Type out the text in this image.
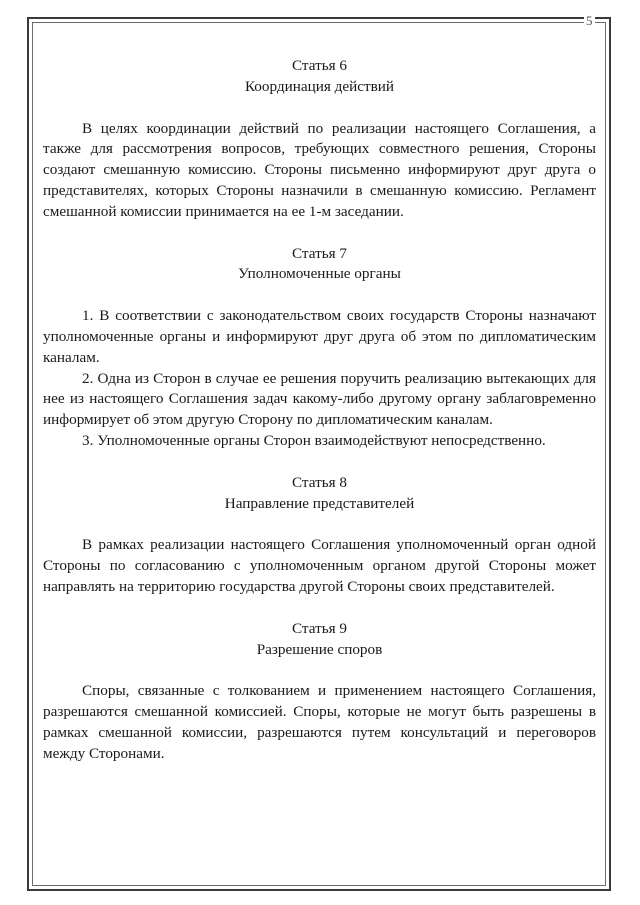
5

Статья 6

Координация действий

В целях координации действий по реализации настоящего Соглашения, а также для рассмотрения вопросов, требующих совместного решения, Стороны создают смешанную комиссию. Стороны письменно информируют друг друга о представителях, которых Стороны назначили в смешанную комиссию. Регламент смешанной комиссии принимается на ее 1-м заседании.

Статья 7

Уполномоченные органы

1. В соответствии с законодательством своих государств Стороны назначают уполномоченные органы и информируют друг друга об этом по дипломатическим каналам.

2. Одна из Сторон в случае ее решения поручить реализацию вытекающих для нее из настоящего Соглашения задач какому-либо другому органу заблаговременно информирует об этом другую Сторону по дипломатическим каналам.

3. Уполномоченные органы Сторон взаимодействуют непосредственно.

Статья 8

Направление представителей

В рамках реализации настоящего Соглашения уполномоченный орган одной Стороны по согласованию с уполномоченным органом другой Стороны может направлять на территорию государства другой Стороны своих представителей.

Статья 9

Разрешение споров

Споры, связанные с толкованием и применением настоящего Соглашения, разрешаются смешанной комиссией. Споры, которые не могут быть разрешены в рамках смешанной комиссии, разрешаются путем консультаций и переговоров между Сторонами.
